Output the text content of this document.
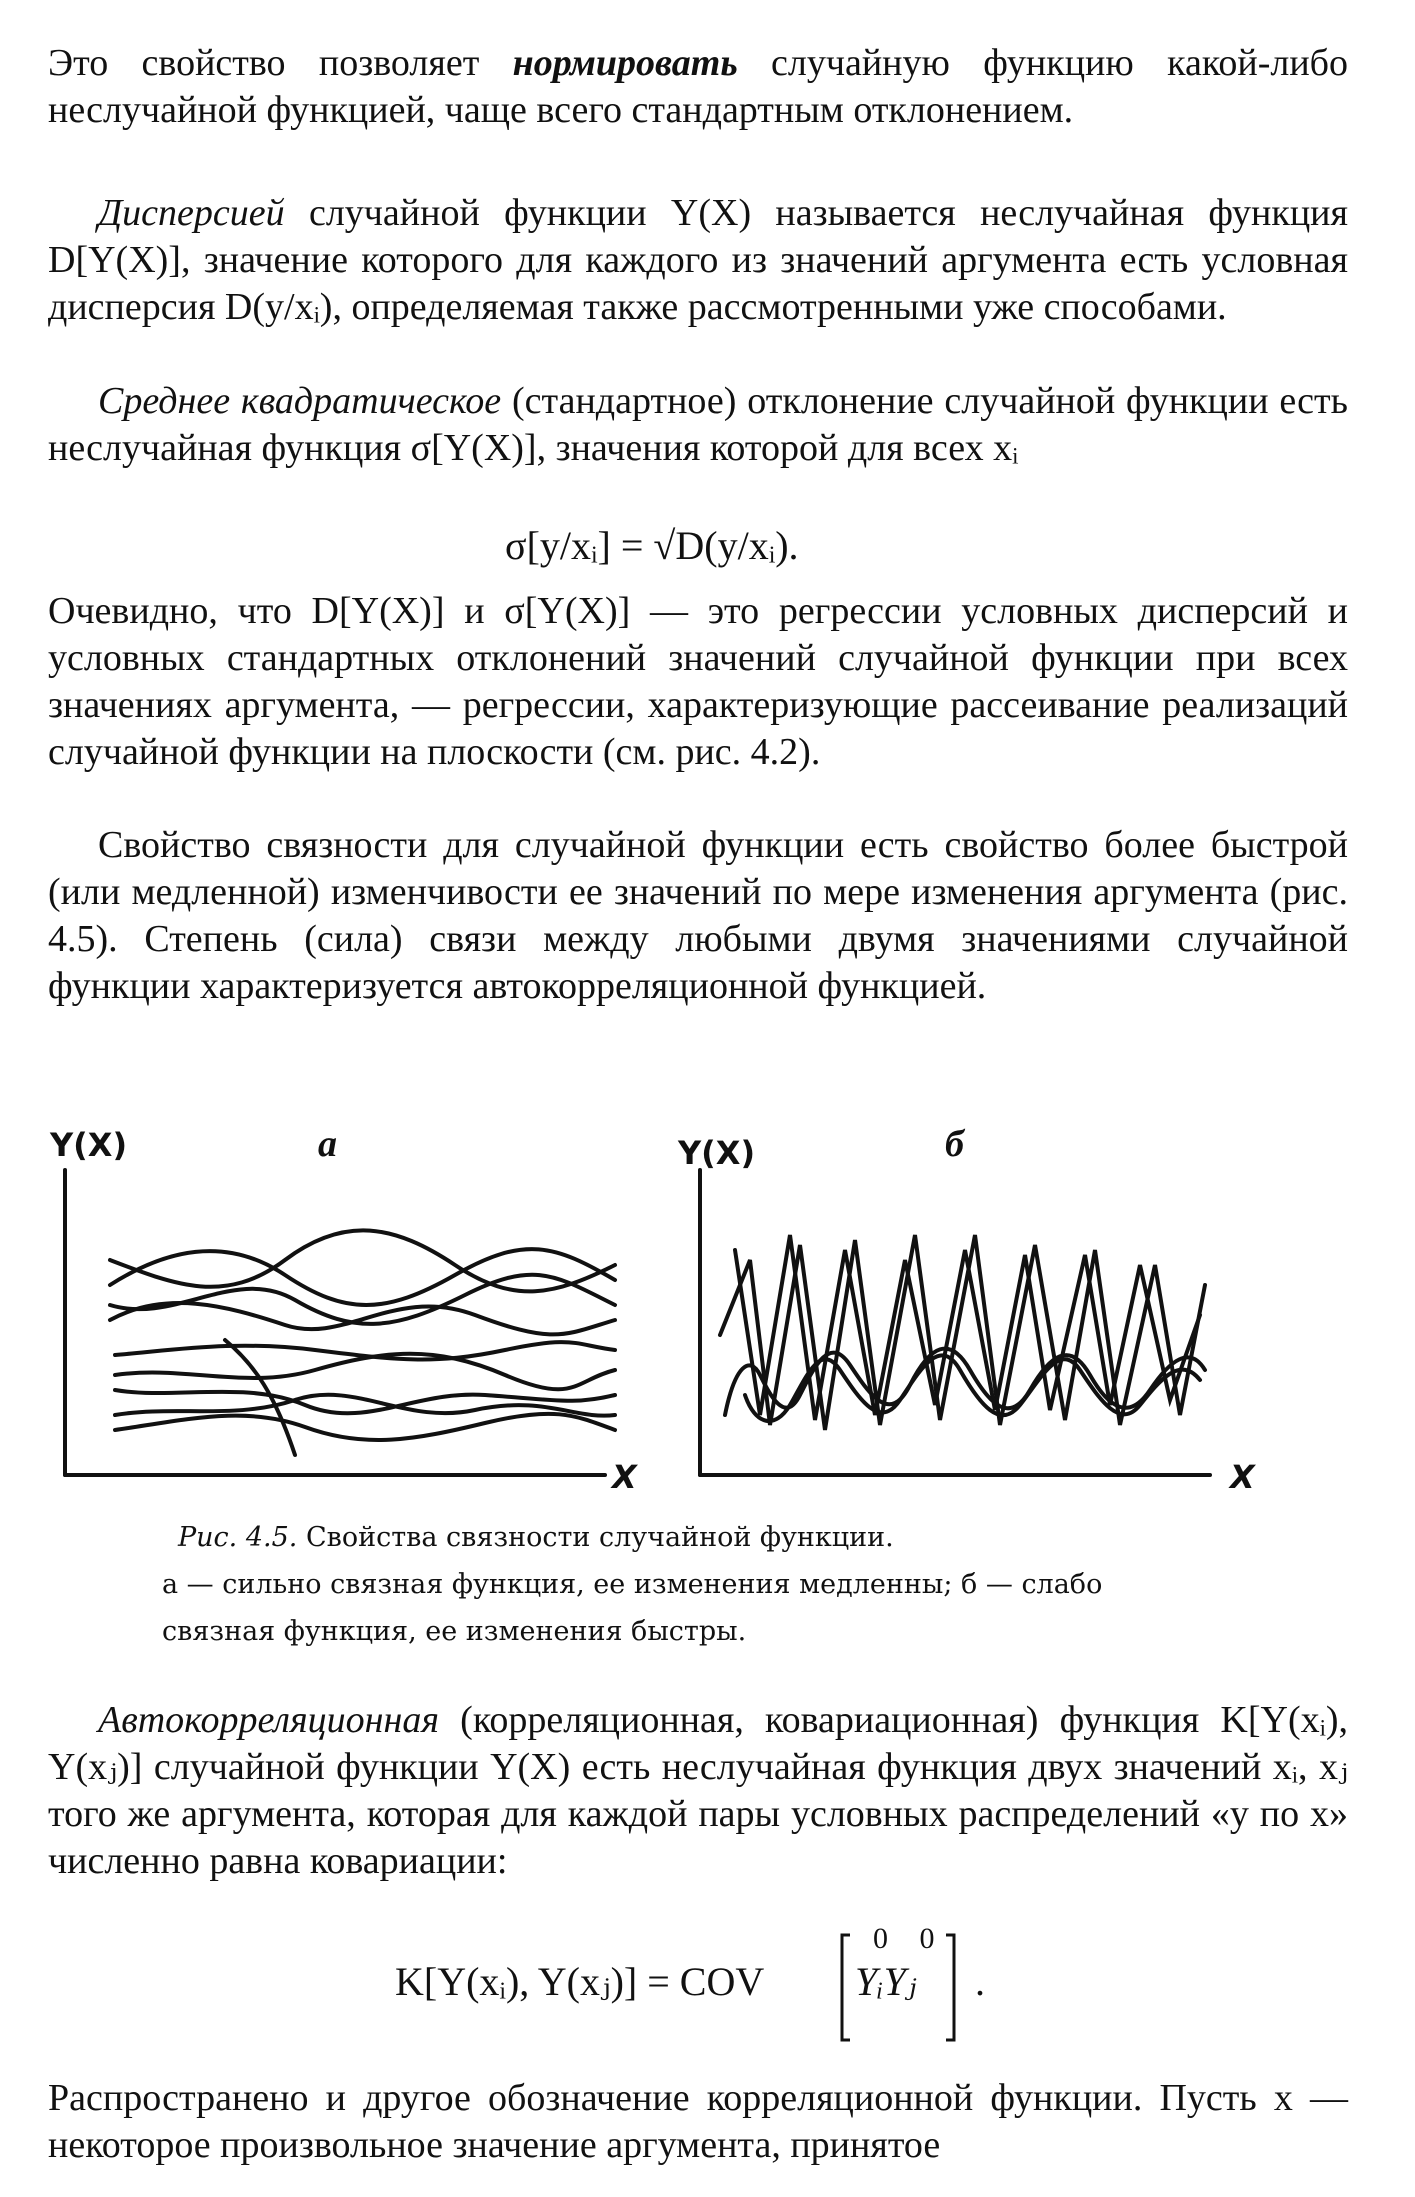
Это свойство позволяет нормировать случайную функцию какой-либо неслучайной функцией, чаще всего стандартным отклонением.

Дисперсией случайной функции Y(X) называется неслучайная функция D[Y(X)], значение которого для каждого из значений аргумента есть условная дисперсия D(y/xᵢ), определяемая также рассмотренными уже способами.

Среднее квадратическое (стандартное) отклонение случайной функции есть неслучайная функция σ[Y(X)], значения которой для всех xᵢ

σ[y/xᵢ] = √D(y/xᵢ).

Очевидно, что D[Y(X)] и σ[Y(X)] — это регрессии условных дисперсий и условных стандартных отклонений значений случайной функции при всех значениях аргумента, — регрессии, характеризующие рассеивание реализаций случайной функции на плоскости (см. рис. 4.2).

Свойство связности для случайной функции есть свойство более быстрой (или медленной) изменчивости ее значений по мере изменения аргумента (рис. 4.5). Степень (сила) связи между любыми двумя значениями случайной функции характеризуется автокорреляционной функцией.

Y(X)	а
X
Y(X)	б
X
Рис. 4.5. Свойства связности случайной функции.
а — сильно связная функция, ее изменения медленны; б — слабо
связная функция, ее изменения быстры.

Автокорреляционная (корреляционная, ковариационная) функция K[Y(xᵢ), Y(xⱼ)] случайной функции Y(X) есть неслучайная функция двух значений xᵢ, xⱼ того же аргумента, которая для каждой пары условных распределений «y по x» численно равна ковариации:

K[Y(xᵢ), Y(xⱼ)] = COV
0 0
YᵢYⱼ .

Распространено и другое обозначение корреляционной функции. Пусть x — некоторое произвольное значение аргумента, принятое
